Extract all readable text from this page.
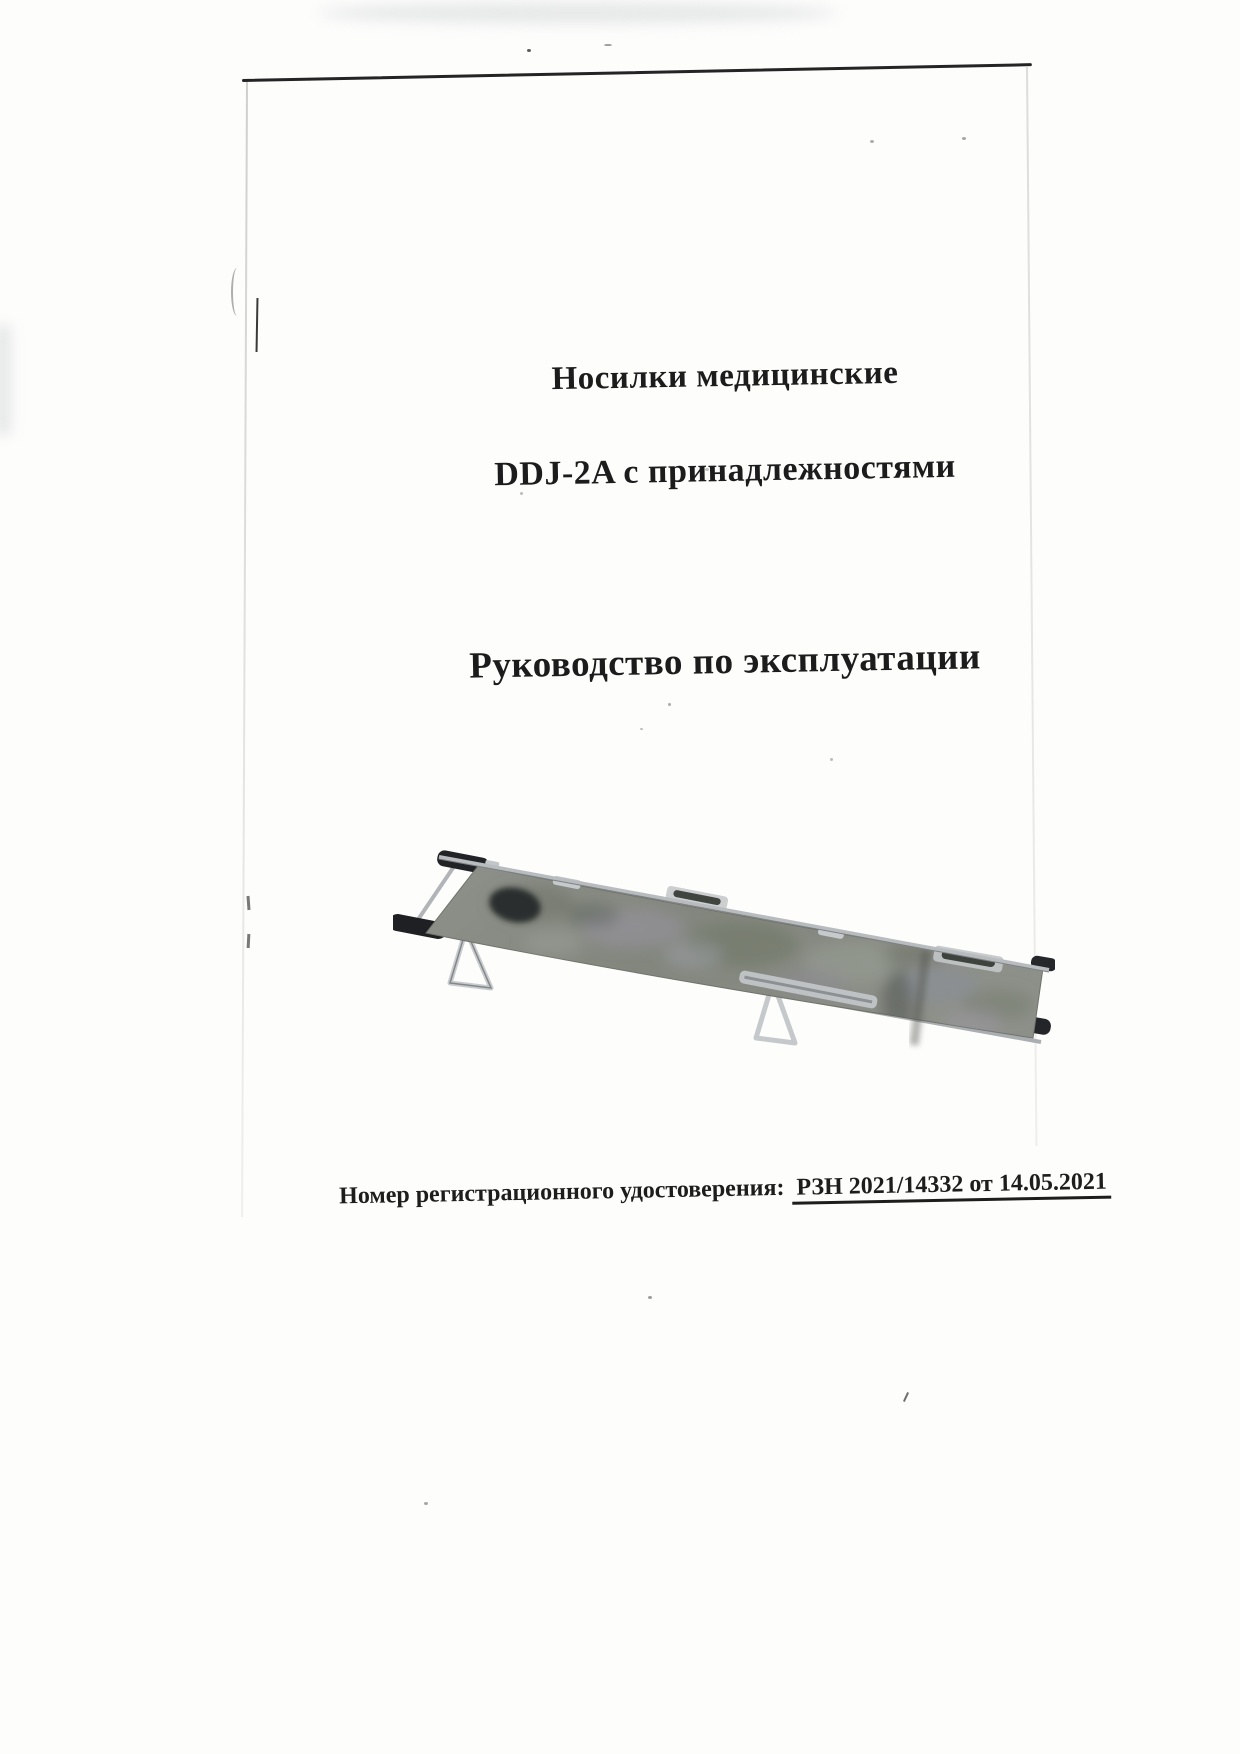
Носилки медицинские
DDJ-2A с принадлежностями
Руководство по эксплуатации

Номер регистрационного удостоверения: РЗН 2021/14332 от 14.05.2021
